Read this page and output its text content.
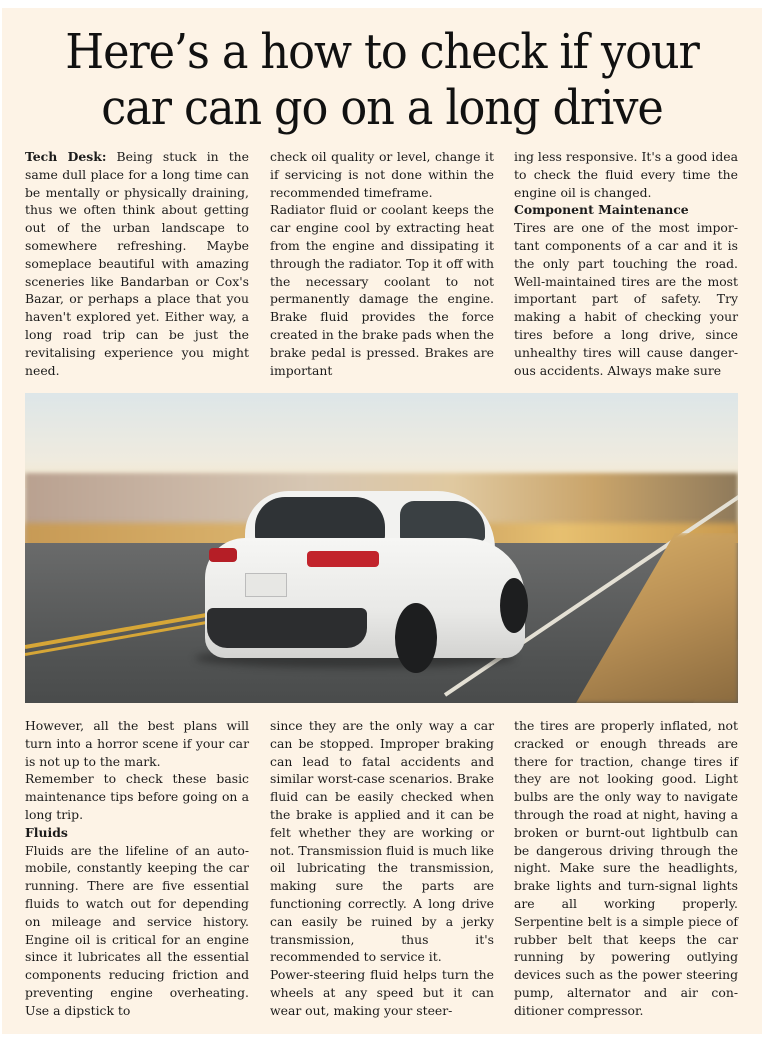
Here’s a how to check if your car can go on a long drive

Tech Desk: Being stuck in the same dull place for a long time can be mentally or physically draining, thus we often think about getting out of the urban landscape to somewhere refreshing. Maybe someplace beautiful with amazing sceneries like Bandarban or Cox's Bazar, or perhaps a place that you haven't explored yet. Either way, a long road trip can be just the revitalising experience you might need.

check oil quality or level, change it if servicing is not done within the recommended timeframe.

Radiator fluid or coolant keeps the car engine cool by extracting heat from the engine and dissipating it through the radiator. Top it off with the necessary coolant to not permanently damage the engine. Brake fluid provides the force created in the brake pads when the brake pedal is pressed. Brakes are important

ing less responsive. It's a good idea to check the fluid every time the engine oil is changed.

Component Maintenance

Tires are one of the most important components of a car and it is the only part touching the road. Well-maintained tires are the most important part of safety. Try making a habit of checking your tires before a long drive, since unhealthy tires will cause dangerous accidents. Always make sure

However, all the best plans will turn into a horror scene if your car is not up to the mark.

Remember to check these basic maintenance tips before going on a long trip.

Fluids

Fluids are the lifeline of an automobile, constantly keeping the car running. There are five essential fluids to watch out for depending on mileage and service history. Engine oil is critical for an engine since it lubricates all the essential components reducing friction and preventing engine overheating. Use a dipstick to

since they are the only way a car can be stopped. Improper braking can lead to fatal accidents and similar worst-case scenarios. Brake fluid can be easily checked when the brake is applied and it can be felt whether they are working or not. Transmission fluid is much like oil lubricating the transmission, making sure the parts are functioning correctly. A long drive can easily be ruined by a jerky transmission, thus it's recommended to service it.

Power-steering fluid helps turn the wheels at any speed but it can wear out, making your steer-

the tires are properly inflated, not cracked or enough threads are there for traction, change tires if they are not looking good. Light bulbs are the only way to navigate through the road at night, having a broken or burnt-out lightbulb can be dangerous driving through the night. Make sure the headlights, brake lights and turn-signal lights are all working properly. Serpentine belt is a simple piece of rubber belt that keeps the car running by powering outlying devices such as the power steering pump, alternator and air conditioner compressor.
